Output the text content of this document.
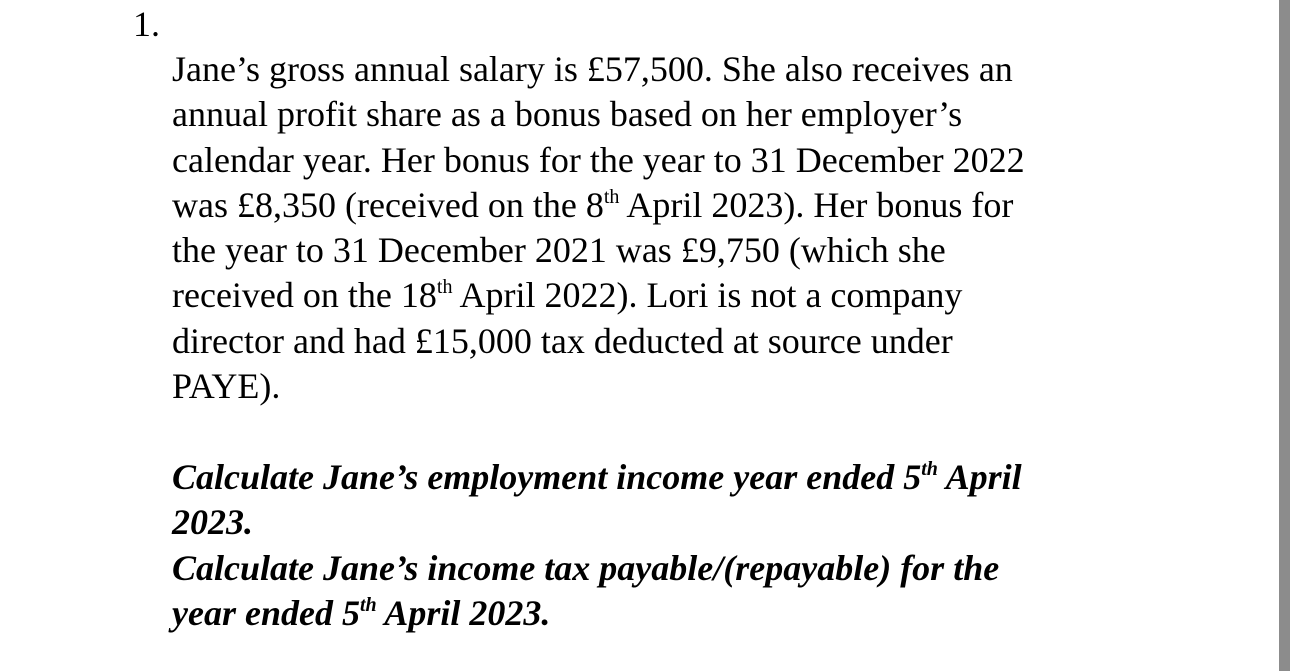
1.
Jane’s gross annual salary is £57,500. She also receives an
annual profit share as a bonus based on her employer’s
calendar year. Her bonus for the year to 31 December 2022
was £8,350 (received on the 8th April 2023). Her bonus for
the year to 31 December 2021 was £9,750 (which she
received on the 18th April 2022). Lori is not a company
director and had £15,000 tax deducted at source under
PAYE).
Calculate Jane’s employment income year ended 5th April
2023.
Calculate Jane’s income tax payable/(repayable) for the
year ended 5th April 2023.
